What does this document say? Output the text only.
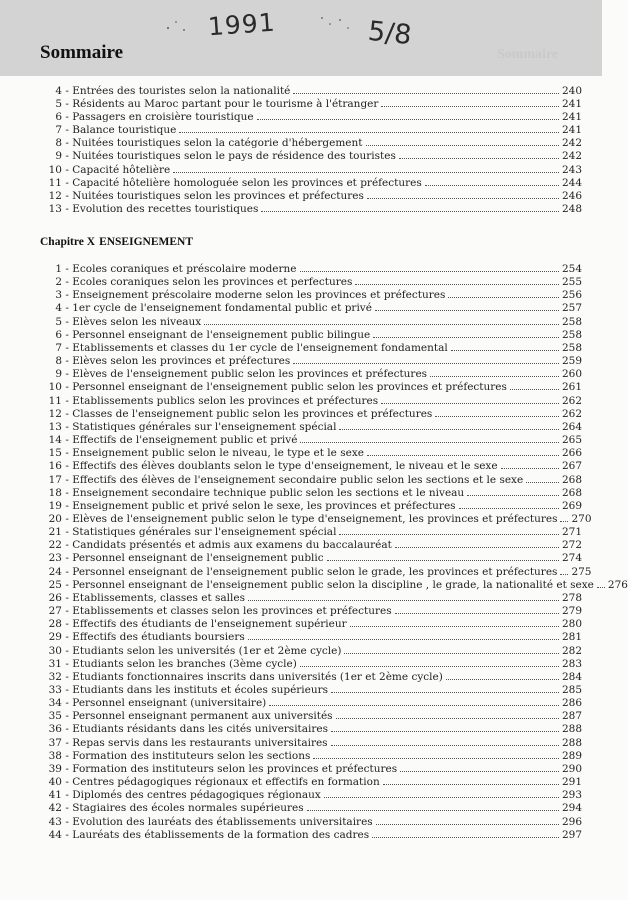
1991	5/8
Sommaire	Sommaire
4 - Entrées des touristes selon la nationalité	240
5 - Résidents au Maroc partant pour le tourisme à l'étranger	241
6 - Passagers en croisière touristique	241
7 - Balance touristique	241
8 - Nuitées touristiques selon la catégorie d'hébergement	242
9 - Nuitées touristiques selon le pays de résidence des touristes	242
10 - Capacité hôtelière	243
11 - Capacité hôtelière homologuée selon les provinces et préfectures	244
12 - Nuitées touristiques selon les provinces et préfectures	246
13 - Evolution des recettes touristiques	248
Chapitre X ENSEIGNEMENT
1 - Ecoles coraniques et préscolaire moderne	254
2 - Ecoles coraniques selon les provinces et perfectures	255
3 - Enseignement préscolaire moderne selon les provinces et préfectures	256
4 - 1er cycle de l'enseignement fondamental public et privé	257
5 - Elèves selon les niveaux	258
6 - Personnel enseignant de l'enseignement public bilingue	258
7 - Etablissements et classes du 1er cycle de l'enseignement fondamental	258
8 - Elèves selon les provinces et préfectures	259
9 - Elèves de l'enseignement public selon les provinces et préfectures	260
10 - Personnel enseignant de l'enseignement public selon les provinces et préfectures	261
11 - Etablissements publics selon les provinces et préfectures	262
12 - Classes de l'enseignement public selon les provinces et préfectures	262
13 - Statistiques générales sur l'enseignement spécial	264
14 - Effectifs de l'enseignement public et privé	265
15 - Enseignement public selon le niveau, le type et le sexe	266
16 - Effectifs des élèves doublants selon le type d'enseignement, le niveau et le sexe	267
17 - Effectifs des élèves de l'enseignement secondaire public selon les sections et le sexe	268
18 - Enseignement secondaire technique public selon les sections et le niveau	268
19 - Enseignement public et privé selon le sexe, les provinces et préfectures	269
20 - Elèves de l'enseignement public selon le type d'enseignement, les provinces et préfectures 270
21 - Statistiques générales sur l'enseignement spécial	271
22 - Candidats présentés et admis aux examens du baccalauréat	272
23 - Personnel enseignant de l'enseignement public	274
24 - Personnel enseignant de l'enseignement public selon le grade, les provinces et préfectures 275
25 - Personnel enseignant de l'enseignement public selon la discipline , le grade, la nationalité et sexe 276
26 - Etablissements, classes et salles	278
27 - Etablissements et classes selon les provinces et préfectures	279
28 - Effectifs des étudiants de l'enseignement supérieur	280
29 - Effectifs des étudiants boursiers	281
30 - Etudiants selon les universités (1er et 2ème cycle)	282
31 - Etudiants selon les branches (3ème cycle)	283
32 - Etudiants fonctionnaires inscrits dans universités (1er et 2ème cycle)	284
33 - Etudiants dans les instituts et écoles supérieurs	285
34 - Personnel enseignant (universitaire)	286
35 - Personnel enseignant permanent aux universités	287
36 - Etudiants résidants dans les cités universitaires	288
37 - Repas servis dans les restaurants universitaires	288
38 - Formation des instituteurs selon les sections	289
39 - Formation des instituteurs selon les provinces et préfectures	290
40 - Centres pédagogiques régionaux et effectifs en formation	291
41 - Diplomés des centres pédagogiques régionaux	293
42 - Stagiaires des écoles normales supérieures	294
43 - Evolution des lauréats des établissements universitaires	296
44 - Lauréats des établissements de la formation des cadres	297
